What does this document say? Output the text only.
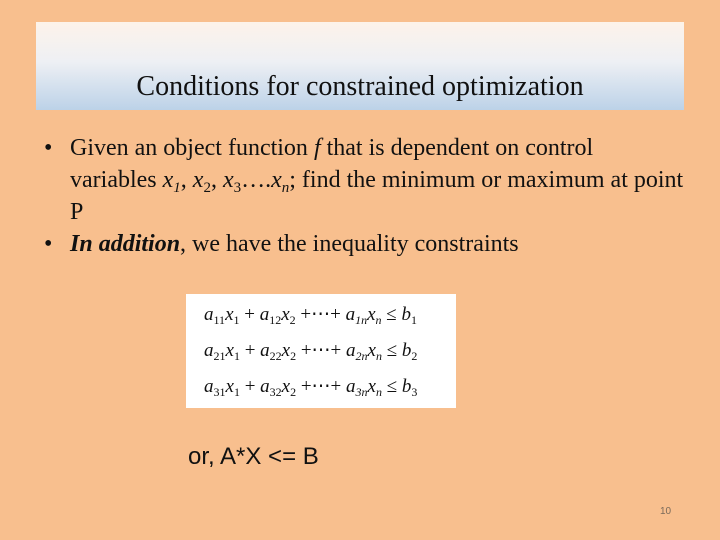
Conditions for constrained optimization
• Given an object function f that is dependent on control variables $x_1$, $x_2$, $x_3\dots.x_n$; find the minimum or maximum at point P
• In addition, we have the inequality constraints
$a_{11}x_1 + a_{12}x_2$ +⋯+ $a_{1n}x_n \le b_1$
$a_{21}x_1 + a_{22}x_2$ +⋯+ $a_{2n}x_n \le b_2$
$a_{31}x_1 + a_{32}x_2$ +⋯+ $a_{3n}x_n \le b_3$
or, A*X <= B
10
